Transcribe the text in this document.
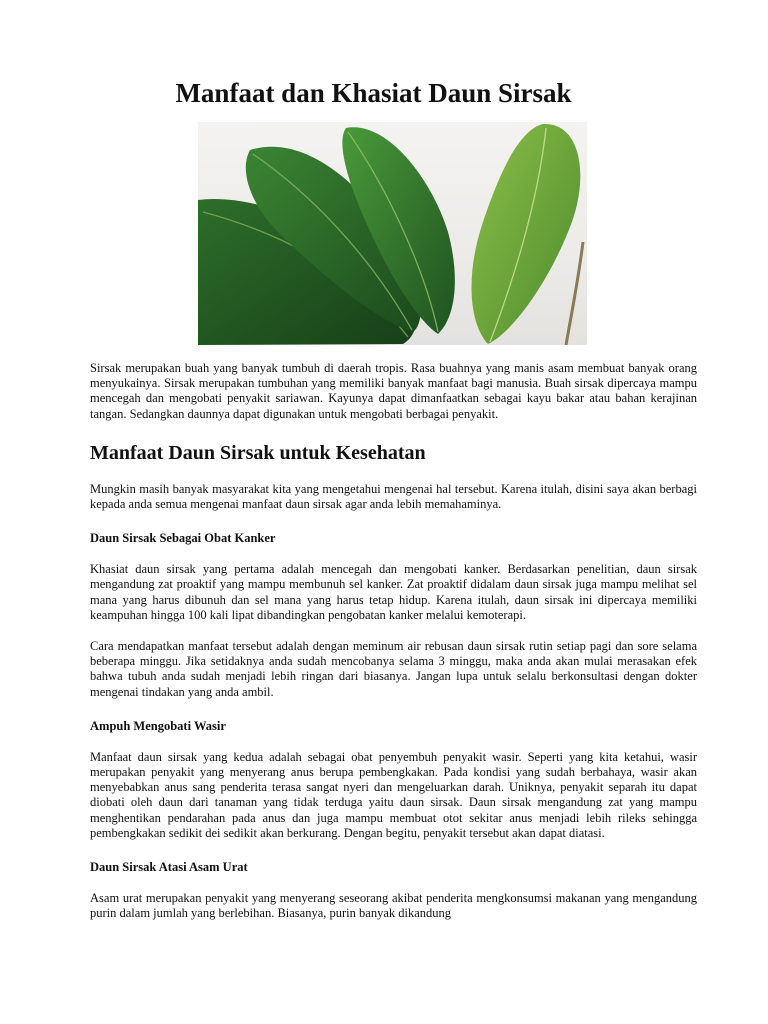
Manfaat dan Khasiat Daun Sirsak

Sirsak merupakan buah yang banyak tumbuh di daerah tropis. Rasa buahnya yang manis asam membuat banyak orang menyukainya. Sirsak merupakan tumbuhan yang memiliki banyak manfaat bagi manusia. Buah sirsak dipercaya mampu mencegah dan mengobati penyakit sariawan. Kayunya dapat dimanfaatkan sebagai kayu bakar atau bahan kerajinan tangan. Sedangkan daunnya dapat digunakan untuk mengobati berbagai penyakit.

Manfaat Daun Sirsak untuk Kesehatan

Mungkin masih banyak masyarakat kita yang mengetahui mengenai hal tersebut. Karena itulah, disini saya akan berbagi kepada anda semua mengenai manfaat daun sirsak agar anda lebih memahaminya.

Daun Sirsak Sebagai Obat Kanker

Khasiat daun sirsak yang pertama adalah mencegah dan mengobati kanker. Berdasarkan penelitian, daun sirsak mengandung zat proaktif yang mampu membunuh sel kanker. Zat proaktif didalam daun sirsak juga mampu melihat sel mana yang harus dibunuh dan sel mana yang harus tetap hidup. Karena itulah, daun sirsak ini dipercaya memiliki keampuhan hingga 100 kali lipat dibandingkan pengobatan kanker melalui kemoterapi.

Cara mendapatkan manfaat tersebut adalah dengan meminum air rebusan daun sirsak rutin setiap pagi dan sore selama beberapa minggu. Jika setidaknya anda sudah mencobanya selama 3 minggu, maka anda akan mulai merasakan efek bahwa tubuh anda sudah menjadi lebih ringan dari biasanya. Jangan lupa untuk selalu berkonsultasi dengan dokter mengenai tindakan yang anda ambil.

Ampuh Mengobati Wasir

Manfaat daun sirsak yang kedua adalah sebagai obat penyembuh penyakit wasir. Seperti yang kita ketahui, wasir merupakan penyakit yang menyerang anus berupa pembengkakan. Pada kondisi yang sudah berbahaya, wasir akan menyebabkan anus sang penderita terasa sangat nyeri dan mengeluarkan darah. Uniknya, penyakit separah itu dapat diobati oleh daun dari tanaman yang tidak terduga yaitu daun sirsak. Daun sirsak mengandung zat yang mampu menghentikan pendarahan pada anus dan juga mampu membuat otot sekitar anus menjadi lebih rileks sehingga pembengkakan sedikit dei sedikit akan berkurang. Dengan begitu, penyakit tersebut akan dapat diatasi.

Daun Sirsak Atasi Asam Urat

Asam urat merupakan penyakit yang menyerang seseorang akibat penderita mengkonsumsi makanan yang mengandung purin dalam jumlah yang berlebihan. Biasanya, purin banyak dikandung
